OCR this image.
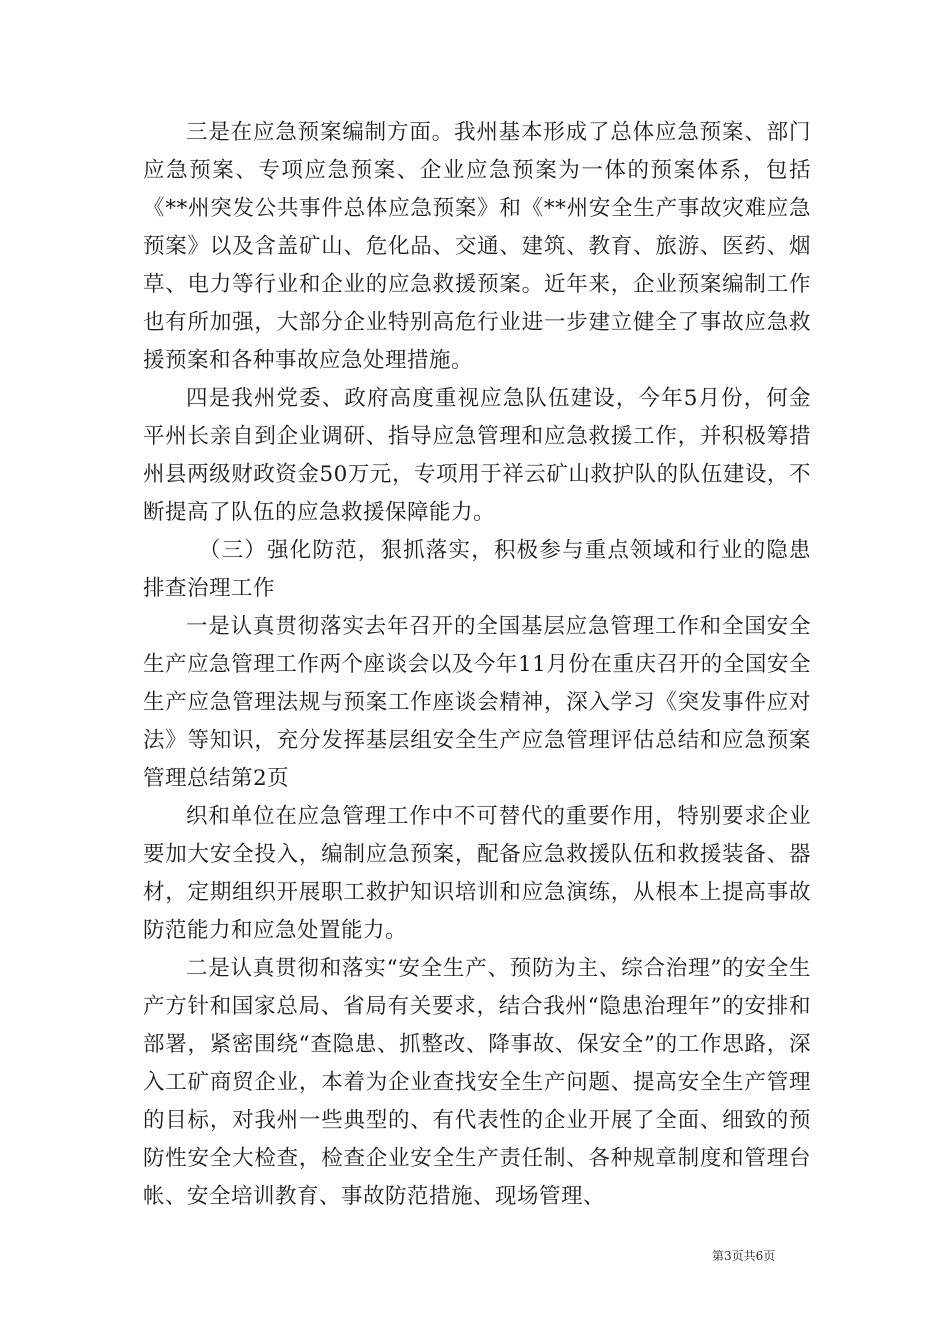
三是在应急预案编制方面。我州基本形成了总体应急预案、部门应急预案、专项应急预案、企业应急预案为一体的预案体系，包括《**州突发公共事件总体应急预案》和《**州安全生产事故灾难应急预案》以及含盖矿山、危化品、交通、建筑、教育、旅游、医药、烟草、电力等行业和企业的应急救援预案。近年来，企业预案编制工作也有所加强，大部分企业特别高危行业进一步建立健全了事故应急救援预案和各种事故应急处理措施。

四是我州党委、政府高度重视应急队伍建设，今年5月份，何金平州长亲自到企业调研、指导应急管理和应急救援工作，并积极筹措州县两级财政资金50万元，专项用于祥云矿山救护队的队伍建设，不断提高了队伍的应急救援保障能力。

（三）强化防范，狠抓落实，积极参与重点领域和行业的隐患排查治理工作

一是认真贯彻落实去年召开的全国基层应急管理工作和全国安全生产应急管理工作两个座谈会以及今年11月份在重庆召开的全国安全生产应急管理法规与预案工作座谈会精神，深入学习《突发事件应对法》等知识，充分发挥基层组安全生产应急管理评估总结和应急预案管理总结第2页

织和单位在应急管理工作中不可替代的重要作用，特别要求企业要加大安全投入，编制应急预案，配备应急救援队伍和救援装备、器材，定期组织开展职工救护知识培训和应急演练，从根本上提高事故防范能力和应急处置能力。

二是认真贯彻和落实“安全生产、预防为主、综合治理”的安全生产方针和国家总局、省局有关要求，结合我州“隐患治理年”的安排和部署，紧密围绕“查隐患、抓整改、降事故、保安全”的工作思路，深入工矿商贸企业，本着为企业查找安全生产问题、提高安全生产管理的目标，对我州一些典型的、有代表性的企业开展了全面、细致的预防性安全大检查，检查企业安全生产责任制、各种规章制度和管理台帐、安全培训教育、事故防范措施、现场管理、

第3页共6页
